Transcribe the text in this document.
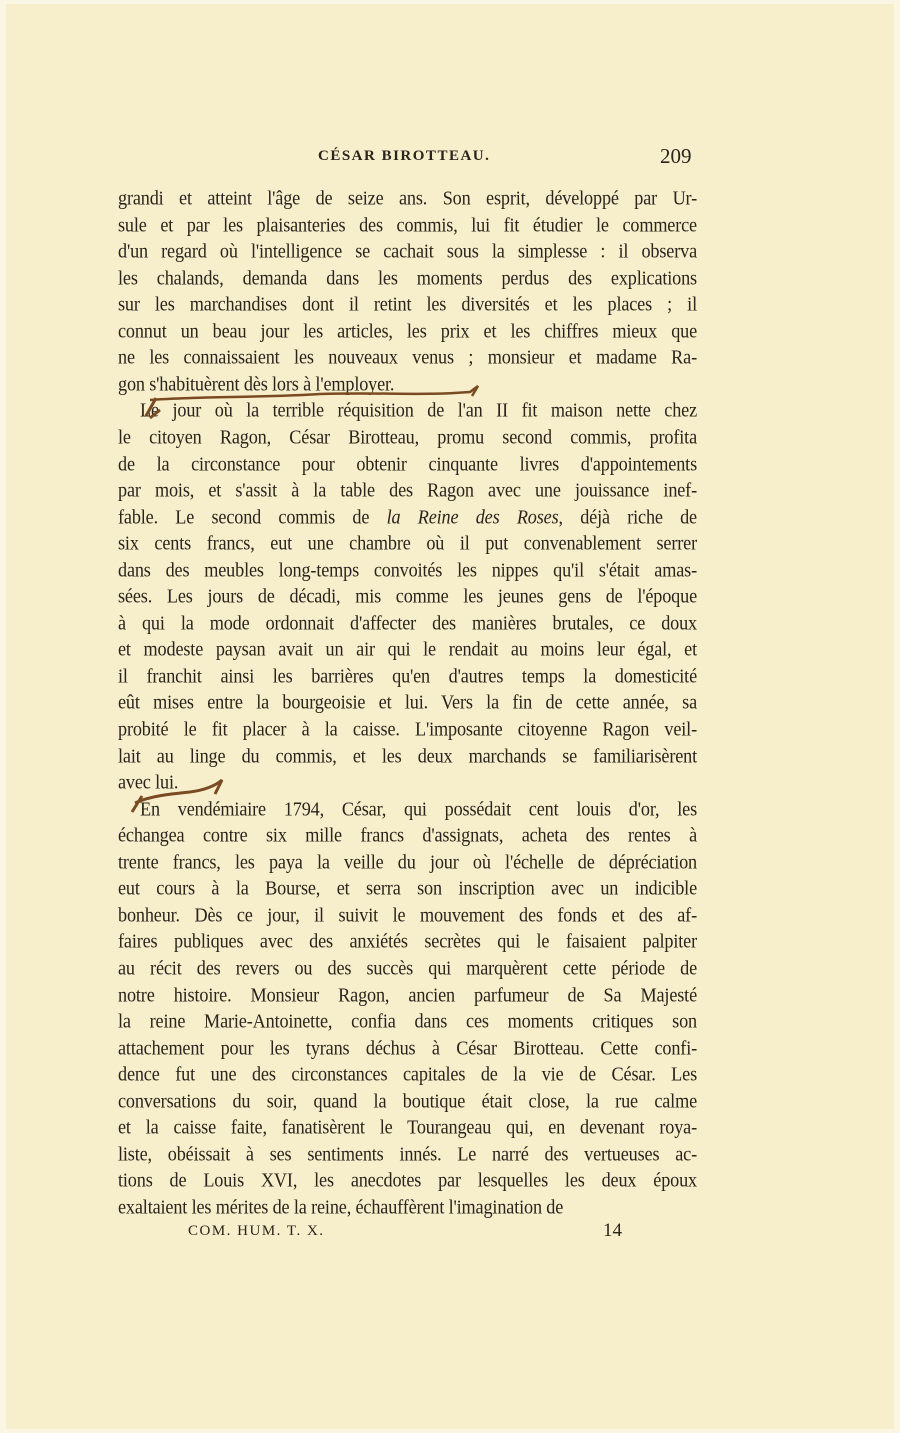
CÉSAR BIROTTEAU.	209
grandi et atteint l'âge de seize ans. Son esprit, développé par Ur-
sule et par les plaisanteries des commis, lui fit étudier le commerce
d'un regard où l'intelligence se cachait sous la simplesse : il observa
les chalands, demanda dans les moments perdus des explications
sur les marchandises dont il retint les diversités et les places ; il
connut un beau jour les articles, les prix et les chiffres mieux que
ne les connaissaient les nouveaux venus ; monsieur et madame Ra-
gon s'habituèrent dès lors à l'employer.
Le jour où la terrible réquisition de l'an II fit maison nette chez
le citoyen Ragon, César Birotteau, promu second commis, profita
de la circonstance pour obtenir cinquante livres d'appointements
par mois, et s'assit à la table des Ragon avec une jouissance inef-
fable. Le second commis de la Reine des Roses, déjà riche de
six cents francs, eut une chambre où il put convenablement serrer
dans des meubles long-temps convoités les nippes qu'il s'était amas-
sées. Les jours de décadi, mis comme les jeunes gens de l'époque
à qui la mode ordonnait d'affecter des manières brutales, ce doux
et modeste paysan avait un air qui le rendait au moins leur égal, et
il franchit ainsi les barrières qu'en d'autres temps la domesticité
eût mises entre la bourgeoisie et lui. Vers la fin de cette année, sa
probité le fit placer à la caisse. L'imposante citoyenne Ragon veil-
lait au linge du commis, et les deux marchands se familiarisèrent
avec lui.
En vendémiaire 1794, César, qui possédait cent louis d'or, les
échangea contre six mille francs d'assignats, acheta des rentes à
trente francs, les paya la veille du jour où l'échelle de dépréciation
eut cours à la Bourse, et serra son inscription avec un indicible
bonheur. Dès ce jour, il suivit le mouvement des fonds et des af-
faires publiques avec des anxiétés secrètes qui le faisaient palpiter
au récit des revers ou des succès qui marquèrent cette période de
notre histoire. Monsieur Ragon, ancien parfumeur de Sa Majesté
la reine Marie-Antoinette, confia dans ces moments critiques son
attachement pour les tyrans déchus à César Birotteau. Cette confi-
dence fut une des circonstances capitales de la vie de César. Les
conversations du soir, quand la boutique était close, la rue calme
et la caisse faite, fanatisèrent le Tourangeau qui, en devenant roya-
liste, obéissait à ses sentiments innés. Le narré des vertueuses ac-
tions de Louis XVI, les anecdotes par lesquelles les deux époux
exaltaient les mérites de la reine, échauffèrent l'imagination de
COM. HUM. T. X.	14
